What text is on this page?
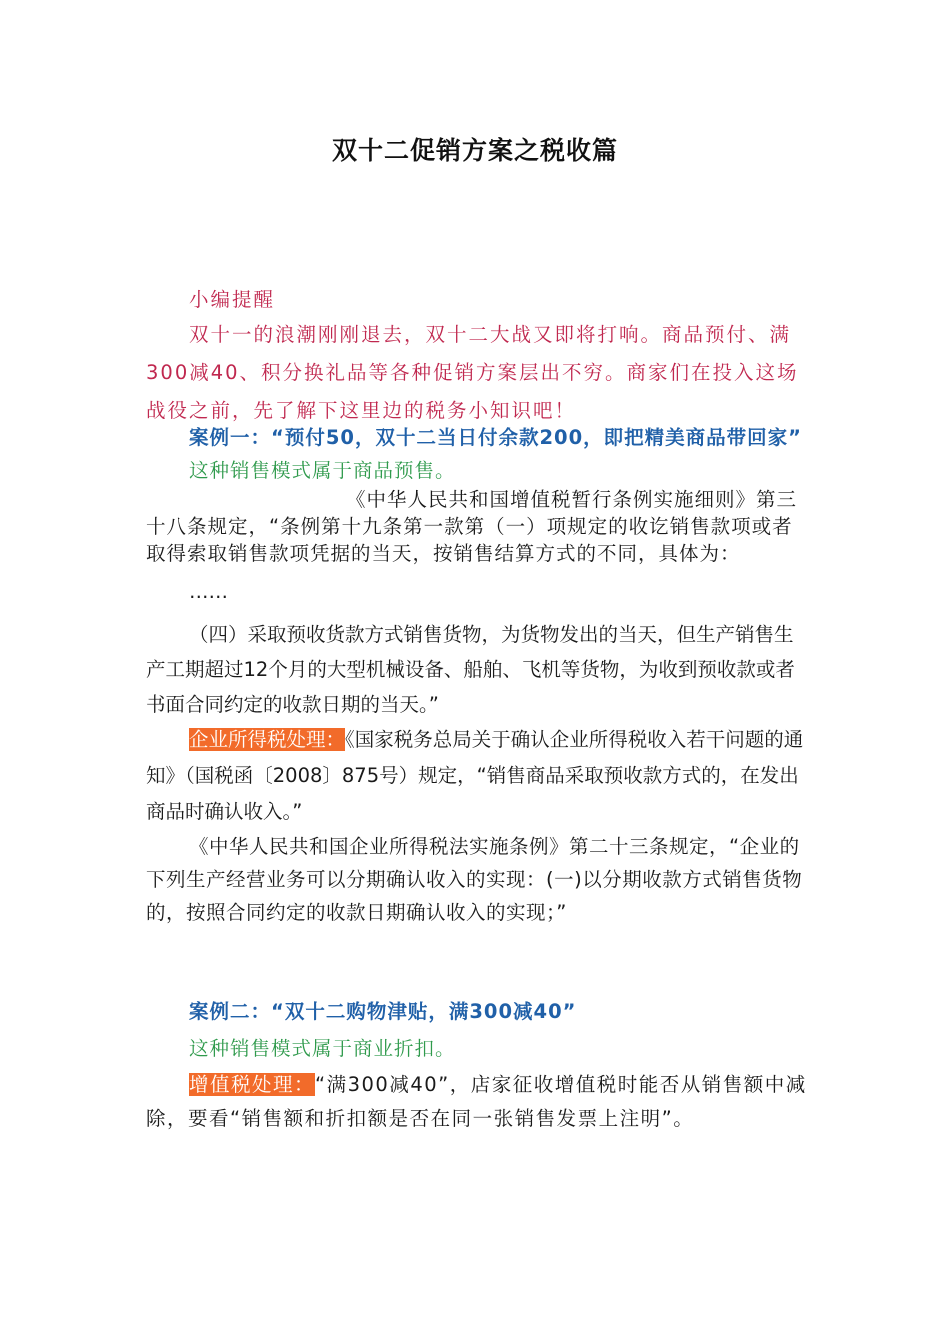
双十二促销方案之税收篇

小编提醒

双十一的浪潮刚刚退去，双十二大战又即将打响。商品预付、满300减40、积分换礼品等各种促销方案层出不穷。商家们在投入这场战役之前，先了解下这里边的税务小知识吧！

案例一：“预付50，双十二当日付余款200，即把精美商品带回家”

这种销售模式属于商品预售。

《中华人民共和国增值税暂行条例实施细则》第三十八条规定，“条例第十九条第一款第（一）项规定的收讫销售款项或者取得索取销售款项凭据的当天，按销售结算方式的不同，具体为：

……

（四）采取预收货款方式销售货物，为货物发出的当天，但生产销售生产工期超过12个月的大型机械设备、船舶、飞机等货物，为收到预收款或者书面合同约定的收款日期的当天。”

企业所得税处理：《国家税务总局关于确认企业所得税收入若干问题的通知》（国税函〔2008〕875号）规定，“销售商品采取预收款方式的，在发出商品时确认收入。”

《中华人民共和国企业所得税法实施条例》第二十三条规定，“企业的下列生产经营业务可以分期确认收入的实现：(一)以分期收款方式销售货物的，按照合同约定的收款日期确认收入的实现；”

案例二：“双十二购物津贴，满300减40”

这种销售模式属于商业折扣。

增值税处理：“满300减40”，店家征收增值税时能否从销售额中减除，要看“销售额和折扣额是否在同一张销售发票上注明”。
